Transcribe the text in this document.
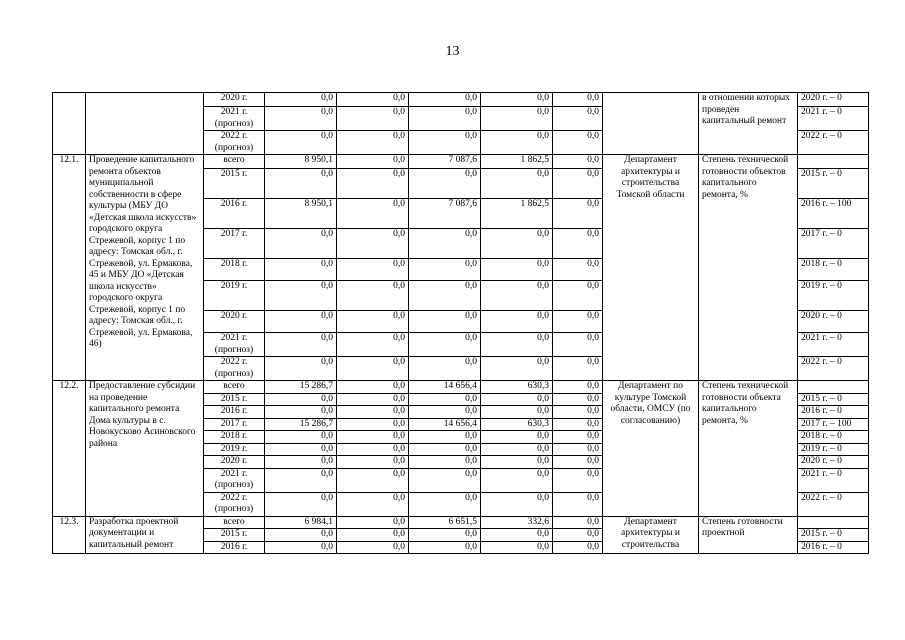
13
		2020 г.	0,0	0,0	0,0	0,0	0,0		в отношении которых проведен капитальный ремонт	2020 г. – 0
		2021 г. (прогноз)	0,0	0,0	0,0	0,0	0,0			2021 г. – 0
		2022 г. (прогноз)	0,0	0,0	0,0	0,0	0,0			2022 г. – 0
12.1.	Проведение капитального ремонта объектов муниципальной собственности в сфере культуры (МБУ ДО «Детская школа искусств» городского округа Стрежевой, корпус 1 по адресу: Томская обл., г. Стрежевой, ул. Ермакова, 45 и МБУ ДО «Детская школа искусств» городского округа Стрежевой, корпус 1 по адресу: Томская обл., г. Стрежевой, ул. Ермакова, 46)	всего	8 950,1	0,0	7 087,6	1 862,5	0,0	Департамент архитектуры и строительства Томской области	Степень технической готовности объектов капитального ремонта, %	
		2015 г.	0,0	0,0	0,0	0,0	0,0			2015 г. – 0
		2016 г.	8 950,1	0,0	7 087,6	1 862,5	0,0			2016 г. – 100
		2017 г.	0,0	0,0	0,0	0,0	0,0			2017 г. – 0
		2018 г.	0,0	0,0	0,0	0,0	0,0			2018 г. – 0
		2019 г.	0,0	0,0	0,0	0,0	0,0			2019 г. – 0
		2020 г.	0,0	0,0	0,0	0,0	0,0			2020 г. – 0
		2021 г. (прогноз)	0,0	0,0	0,0	0,0	0,0			2021 г. – 0
		2022 г. (прогноз)	0,0	0,0	0,0	0,0	0,0			2022 г. – 0
12.2.	Предоставление субсидии на проведение капитального ремонта Дома культуры в с. Новокусково Асиновского района	всего	15 286,7	0,0	14 656,4	630,3	0,0	Департамент по культуре Томской области, ОМСУ (по согласованию)	Степень технической готовности объекта капитального ремонта, %	
		2015 г.	0,0	0,0	0,0	0,0	0,0			2015 г. – 0
		2016 г.	0,0	0,0	0,0	0,0	0,0			2016 г. – 0
		2017 г.	15 286,7	0,0	14 656,4	630,3	0,0			2017 г. – 100
		2018 г.	0,0	0,0	0,0	0,0	0,0			2018 г. – 0
		2019 г.	0,0	0,0	0,0	0,0	0,0			2019 г. – 0
		2020 г.	0,0	0,0	0,0	0,0	0,0			2020 г. – 0
		2021 г. (прогноз)	0,0	0,0	0,0	0,0	0,0			2021 г. – 0
		2022 г. (прогноз)	0,0	0,0	0,0	0,0	0,0			2022 г. – 0
12.3.	Разработка проектной документации и капитальный ремонт	всего	6 984,1	0,0	6 651,5	332,6	0,0	Департамент архитектуры и строительства	Степень готовности проектной	
		2015 г.	0,0	0,0	0,0	0,0	0,0			2015 г. – 0
		2016 г.	0,0	0,0	0,0	0,0	0,0			2016 г. – 0
